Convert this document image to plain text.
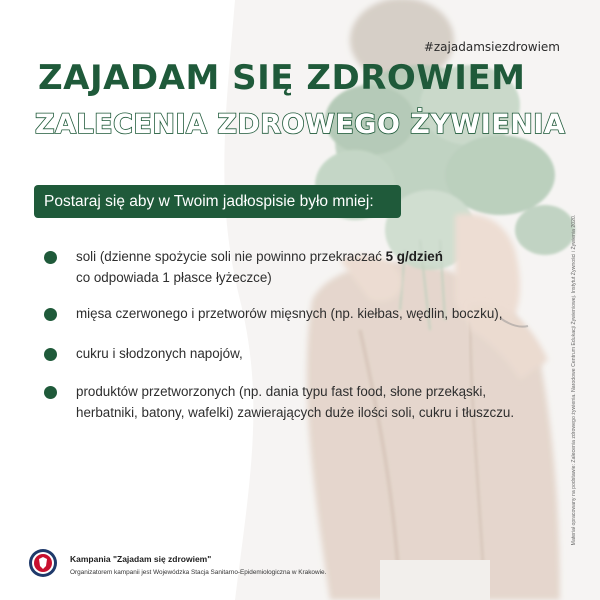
#zajadamsiezdrowiem
ZAJADAM SIĘ ZDROWIEM
ZALECENIA ZDROWEGO ŻYWIENIA
Postaraj się aby w Twoim jadłospisie było mniej:
soli (dzienne spożycie soli nie powinno przekraczać 5 g/dzień
co odpowiada 1 płasce łyżeczce)
mięsa czerwonego i przetworów mięsnych (np. kiełbas, wędlin, boczku),
cukru i słodzonych napojów,
produktów przetworzonych (np. dania typu fast food, słone przekąski,
herbatniki, batony, wafelki) zawierających duże ilości soli, cukru i tłuszczu.	Materiał opracowany na podstawie: Zalecenia zdrowego żywienia. Narodowe Centrum Edukacji Żywieniowej. Instytut Żywności i Żywienia 2020.
Kampania "Zajadam się zdrowiem"
Organizatorem kampanii jest Wojewódzka Stacja Sanitarno-Epidemiologiczna w Krakowie.
